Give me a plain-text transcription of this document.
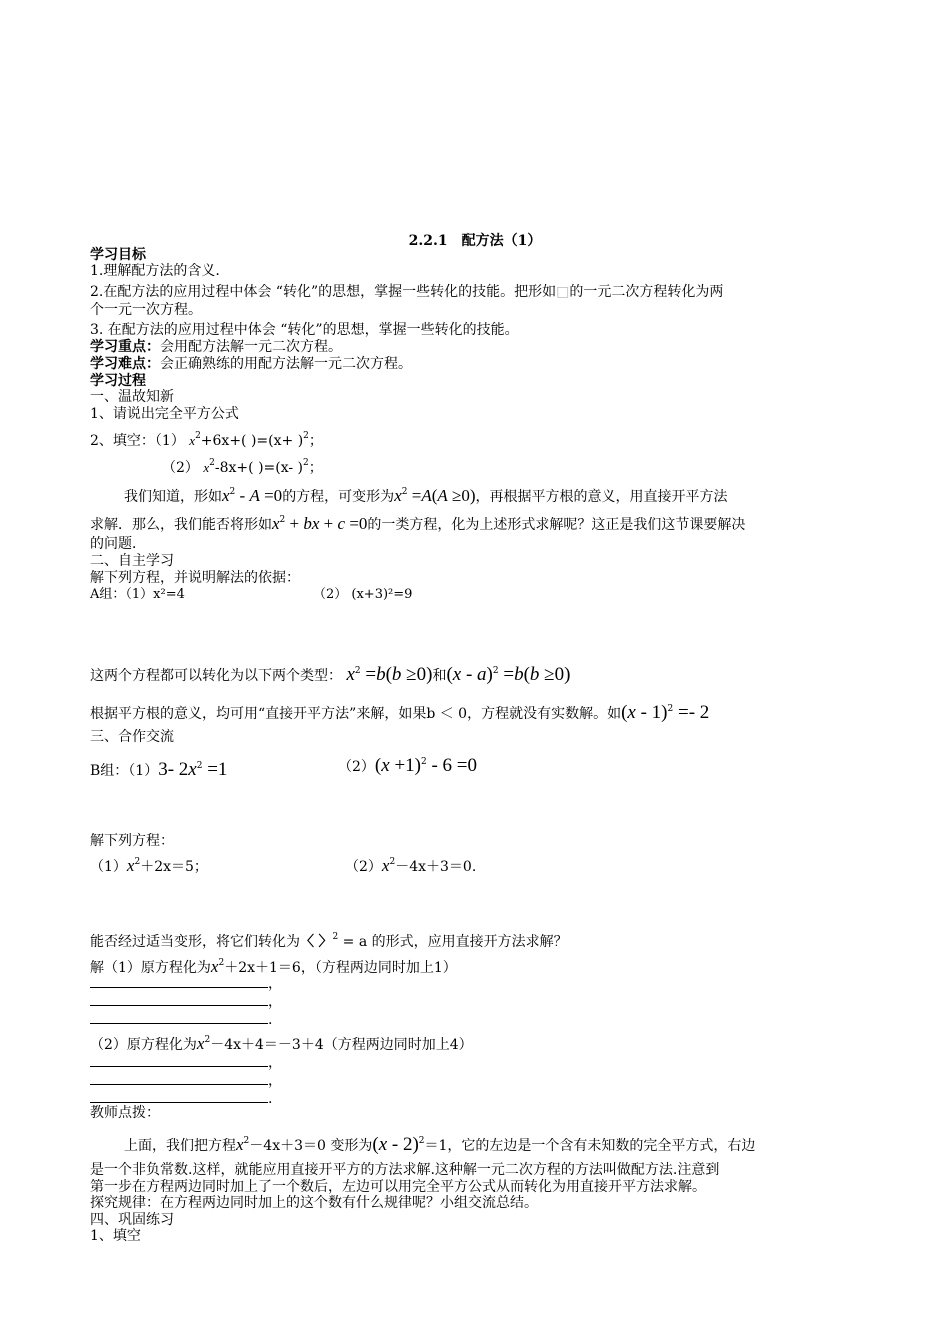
2.2.1　配方法（1）
学习目标
1.理解配方法的含义.
2.在配方法的应用过程中体会 “转化”的思想，掌握一些转化的技能。把形如□的一元二次方程转化为两
个一元一次方程。
3. 在配方法的应用过程中体会 “转化”的思想，掌握一些转化的技能。
学习重点：会用配方法解一元二次方程。
学习难点：会正确熟练的用配方法解一元二次方程。
学习过程
一、温故知新
1、请说出完全平方公式
2、填空：（1） $x^2+6x+$( )$=(x+ )^2$；
（2） $x^2-8x+$( )=(x- )$^2$；
我们知道，形如$x^2 - A =0$的方程，可变形为$x^2 =A(A \ge 0)$，再根据平方根的意义，用直接开平方法
求解．那么，我们能否将形如$x^2$ + bx + c =0的一类方程，化为上述形式求解呢？这正是我们这节课要解决
的问题．
二、自主学习
解下列方程，并说明解法的依据：
A组：（1）x²=4	（2） (x+3)²=9
这两个方程都可以转化为以下两个类型： $x^2 =b(b \ge 0)$和(x - a)$^2$ =b(b ≥0)
根据平方根的意义，均可用“直接开平方法”来解，如果b ＜ 0，方程就没有实数解。如(x - 1)$^2$ =- 2
三、合作交流
B组：（1）3- $2x^2 =1$	$(2)(x +1)^2 - 6 =0$
解下列方程：
$(1)x^2+2x=5$；	$(2)x^2-4x+3=0$.
能否经过适当变形，将它们转化为〈 〉$^2$ = a 的形式，应用直接开方法求解？
解（1）原方程化为$x^2+2x+1=6$，（方程两边同时加上1）
，
，
.
（2）原方程化为$x^2-4x+4=-3+4$（方程两边同时加上4）
，
，
.
教师点拨：
上面，我们把方程$x^2-4x+3=0$ 变形为(x - 2)$^2$＝1，它的左边是一个含有未知数的完全平方式，右边
是一个非负常数.这样，就能应用直接开平方的方法求解.这种解一元二次方程的方法叫做配方法.注意到
第一步在方程两边同时加上了一个数后，左边可以用完全平方公式从而转化为用直接开平方法求解。
探究规律：在方程两边同时加上的这个数有什么规律呢？小组交流总结。
四、巩固练习
1、填空
